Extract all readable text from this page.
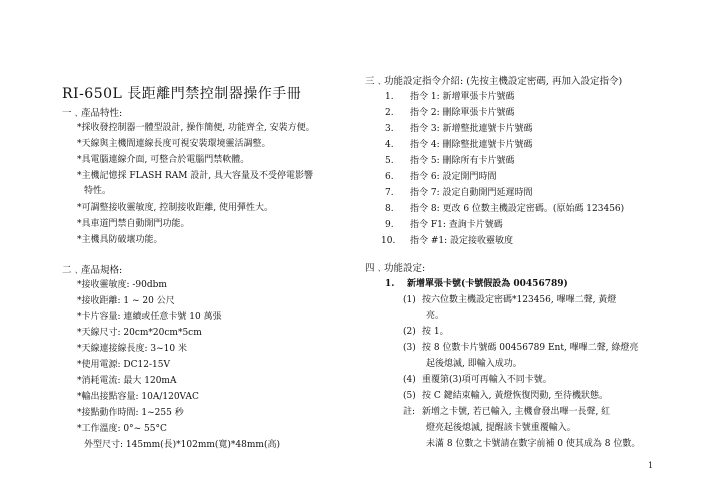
RI-650L 長距離門禁控制器操作手冊
一﹑產品特性:
*採收發控制器一體型設計, 操作簡便, 功能齊全, 安裝方便。
*天線與主機間連線長度可視安裝環境靈活調整。
*具電腦連線介面, 可整合於電腦門禁軟體。
*主機記憶採 FLASH RAM 設計, 具大容量及不受停電影響
特性。
*可調整接收靈敏度, 控制接收距離, 使用彈性大。
*具車道門禁自動開門功能。
*主機具防破壞功能。
二﹑產品規格:
*接收靈敏度: -90dbm
*接收距離: 1 ~ 20 公尺
*卡片容量: 連續或任意卡號 10 萬張
*天線尺寸: 20cm*20cm*5cm
*天線連接線長度: 3~10 米
*使用電源: DC12-15V
*消耗電流: 最大 120mA
*輸出接點容量: 10A/120VAC
*接點動作時間: 1~255 秒
*工作溫度: 0°~ 55°C
外型尺寸: 145mm(長)*102mm(寬)*48mm(高)
三﹑功能設定指令介紹: (先按主機設定密碼, 再加入設定指令)
1. 指令 1: 新增單張卡片號碼
2. 指令 2: 刪除單張卡片號碼
3. 指令 3: 新增整批連號卡片號碼
4. 指令 4: 刪除整批連號卡片號碼
5. 指令 5: 刪除所有卡片號碼
6. 指令 6: 設定開門時間
7. 指令 7: 設定自動開門延遲時間
8. 指令 8: 更改 6 位數主機設定密碼。(原始碼 123456)
9. 指令 F1: 查詢卡片號碼
10. 指令 #1: 設定接收靈敏度
四﹑功能設定:
1. 新增單張卡號(卡號假設為 00456789)
(1) 按六位數主機設定密碼*123456, 嗶嗶二聲, 黃燈
亮。
(2) 按 1。
(3) 按 8 位數卡片號碼 00456789 Ent, 嗶嗶二聲, 綠燈亮
起後熄滅, 即輸入成功。
(4) 重覆第(3)項可再輸入不同卡號。
(5) 按 C 鍵結束輸入, 黃燈恢復閃動, 至待機狀態。
註: 新增之卡號, 若已輸入, 主機會發出嗶一長聲, 紅
燈亮起後熄滅, 提醒該卡號重覆輸入。
未滿 8 位數之卡號請在數字前補 0 使其成為 8 位數。
1
